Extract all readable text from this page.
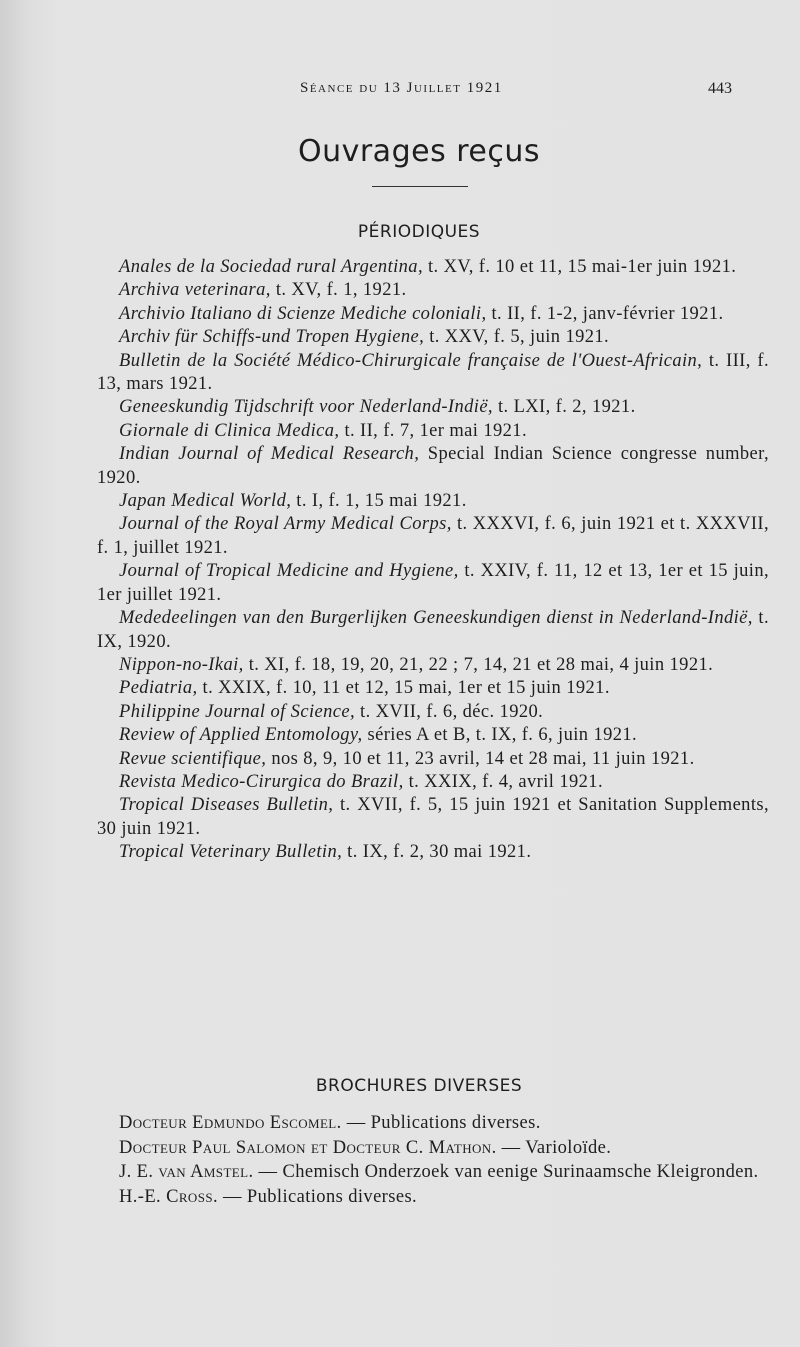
Séance du 13 Juillet 1921	443
Ouvrages reçus
PÉRIODIQUES
Anales de la Sociedad rural Argentina, t. XV, f. 10 et 11, 15 mai-1er juin 1921.
Archiva veterinara, t. XV, f. 1, 1921.
Archivio Italiano di Scienze Mediche coloniali, t. II, f. 1-2, janv-février 1921.
Archiv für Schiffs-und Tropen Hygiene, t. XXV, f. 5, juin 1921.
Bulletin de la Société Médico-Chirurgicale française de l'Ouest-Africain, t. III, f. 13, mars 1921.
Geneeskundig Tijdschrift voor Nederland-Indië, t. LXI, f. 2, 1921.
Giornale di Clinica Medica, t. II, f. 7, 1er mai 1921.
Indian Journal of Medical Research, Special Indian Science congresse number, 1920.
Japan Medical World, t. I, f. 1, 15 mai 1921.
Journal of the Royal Army Medical Corps, t. XXXVI, f. 6, juin 1921 et t. XXXVII, f. 1, juillet 1921.
Journal of Tropical Medicine and Hygiene, t. XXIV, f. 11, 12 et 13, 1er et 15 juin, 1er juillet 1921.
Mededeelingen van den Burgerlijken Geneeskundigen dienst in Nederland-Indië, t. IX, 1920.
Nippon-no-Ikai, t. XI, f. 18, 19, 20, 21, 22 ; 7, 14, 21 et 28 mai, 4 juin 1921.
Pediatria, t. XXIX, f. 10, 11 et 12, 15 mai, 1er et 15 juin 1921.
Philippine Journal of Science, t. XVII, f. 6, déc. 1920.
Review of Applied Entomology, séries A et B, t. IX, f. 6, juin 1921.
Revue scientifique, nos 8, 9, 10 et 11, 23 avril, 14 et 28 mai, 11 juin 1921.
Revista Medico-Cirurgica do Brazil, t. XXIX, f. 4, avril 1921.
Tropical Diseases Bulletin, t. XVII, f. 5, 15 juin 1921 et Sanitation Supplements, 30 juin 1921.
Tropical Veterinary Bulletin, t. IX, f. 2, 30 mai 1921.
BROCHURES DIVERSES
Docteur Edmundo Escomel. — Publications diverses.
Docteur Paul Salomon et Docteur C. Mathon. — Varioloïde.
J. E. van Amstel. — Chemisch Onderzoek van eenige Surinaamsche Kleigronden.
H.-E. Cross. — Publications diverses.
